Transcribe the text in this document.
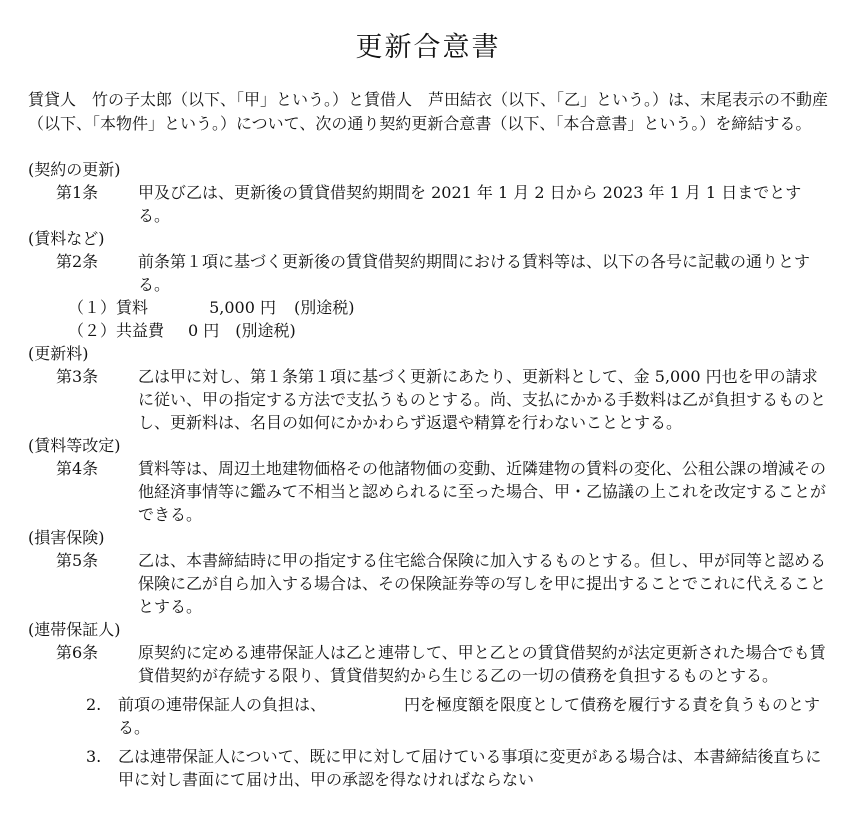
更新合意書

賃貸人　竹の子太郎（以下、「甲」という。）と賃借人　芦田結衣（以下、「乙」という。）は、末尾表示の不動産（以下、「本物件」という。）について、次の通り契約更新合意書（以下、「本合意書」という。）を締結する。

(契約の更新)

第1条	甲及び乙は、更新後の賃貸借契約期間を 2021 年 1 月 2 日から 2023 年 1 月 1 日までとする。

(賃料など)

第2条	前条第１項に基づく更新後の賃貸借契約期間における賃料等は、以下の各号に記載の通りとする。

（１）賃料	5,000 円 (別途税)

（２）共益費 0 円 (別途税)

(更新料)

第3条	乙は甲に対し、第１条第１項に基づく更新にあたり、更新料として、金 5,000 円也を甲の請求に従い、甲の指定する方法で支払うものとする。尚、支払にかかる手数料は乙が負担するものとし、更新料は、名目の如何にかかわらず返還や精算を行わないこととする。

(賃料等改定)

第4条	賃料等は、周辺土地建物価格その他諸物価の変動、近隣建物の賃料の変化、公租公課の増減その他経済事情等に鑑みて不相当と認められるに至った場合、甲・乙協議の上これを改定することができる。

(損害保険)

第5条	乙は、本書締結時に甲の指定する住宅総合保険に加入するものとする。但し、甲が同等と認める保険に乙が自ら加入する場合は、その保険証券等の写しを甲に提出することでこれに代えることとする。

(連帯保証人)

第6条	原契約に定める連帯保証人は乙と連帯して、甲と乙との賃貸借契約が法定更新された場合でも賃貸借契約が存続する限り、賃貸借契約から生じる乙の一切の債務を負担するものとする。
2. 前項の連帯保証人の負担は、	円を極度額を限度として債務を履行する責を負うものとする。
3. 乙は連帯保証人について、既に甲に対して届けている事項に変更がある場合は、本書締結後直ちに甲に対し書面にて届け出、甲の承認を得なければならない
